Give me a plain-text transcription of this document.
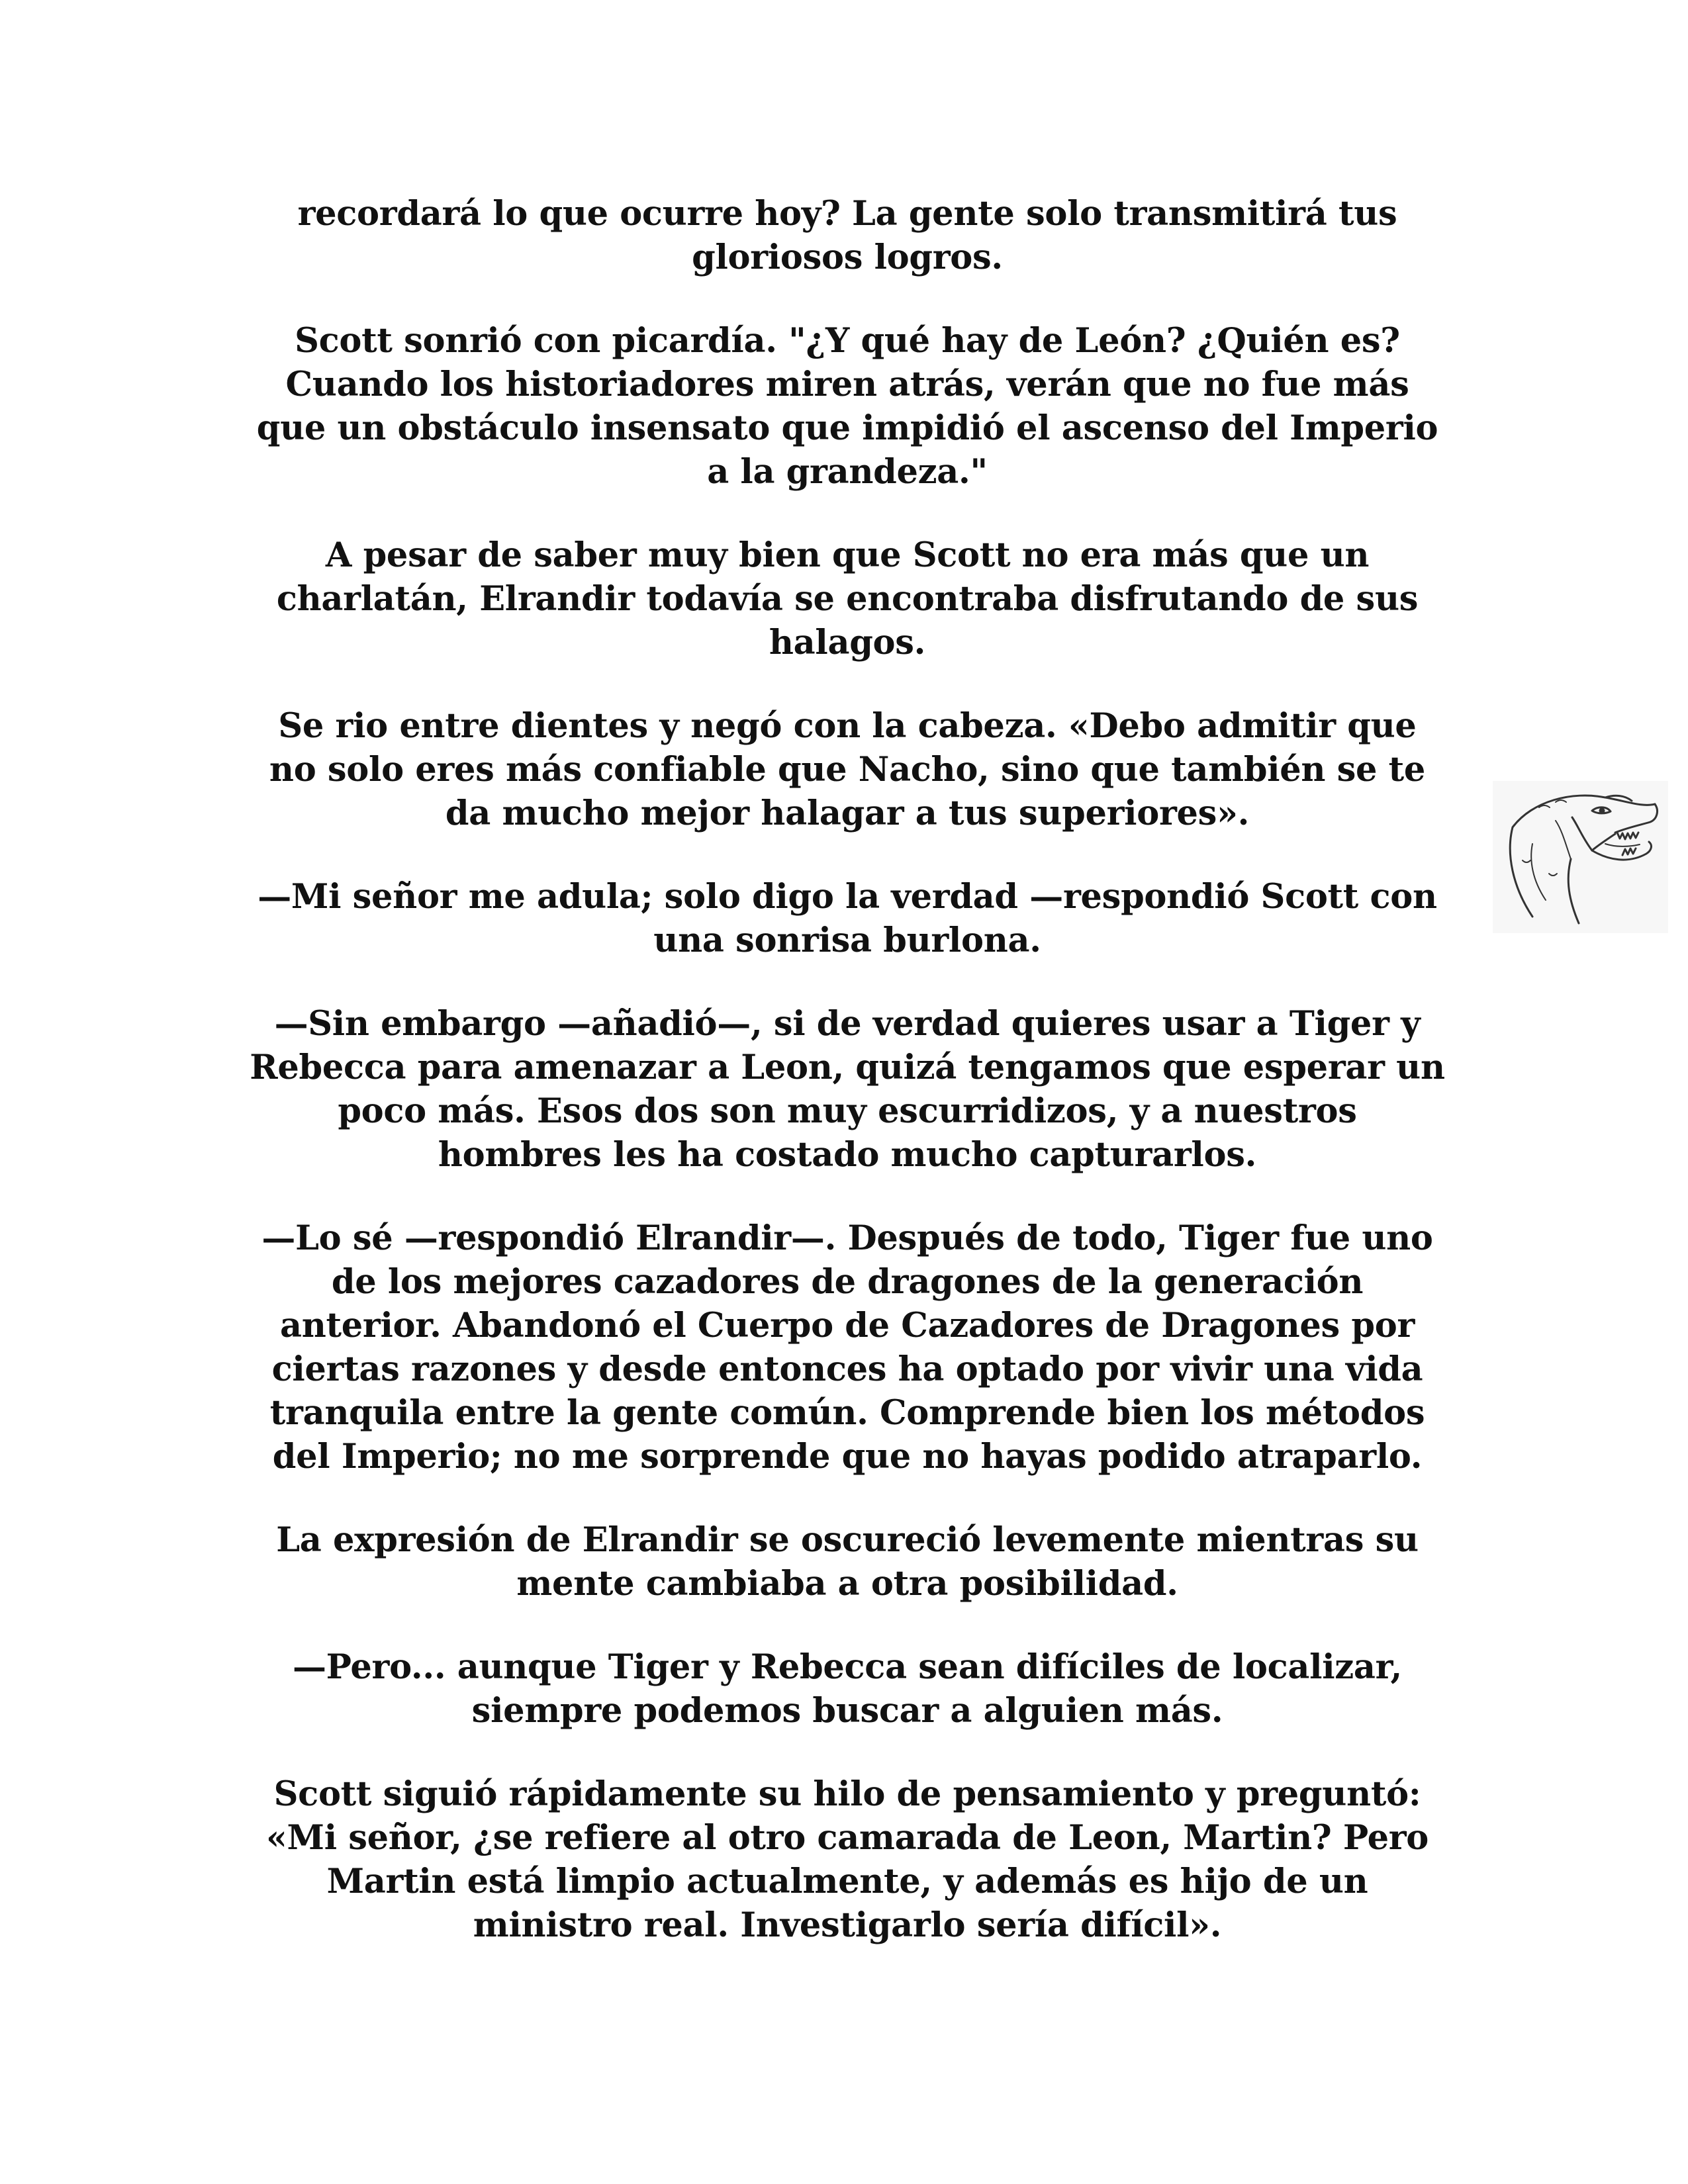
recordará lo que ocurre hoy? La gente solo transmitirá tus
gloriosos logros.

Scott sonrió con picardía. "¿Y qué hay de León? ¿Quién es?
Cuando los historiadores miren atrás, verán que no fue más
que un obstáculo insensato que impidió el ascenso del Imperio
a la grandeza."

A pesar de saber muy bien que Scott no era más que un
charlatán, Elrandir todavía se encontraba disfrutando de sus
halagos.

Se rio entre dientes y negó con la cabeza. «Debo admitir que
no solo eres más confiable que Nacho, sino que también se te
da mucho mejor halagar a tus superiores».

—Mi señor me adula; solo digo la verdad —respondió Scott con
una sonrisa burlona.

—Sin embargo —añadió—, si de verdad quieres usar a Tiger y
Rebecca para amenazar a Leon, quizá tengamos que esperar un
poco más. Esos dos son muy escurridizos, y a nuestros
hombres les ha costado mucho capturarlos.

—Lo sé —respondió Elrandir—. Después de todo, Tiger fue uno
de los mejores cazadores de dragones de la generación
anterior. Abandonó el Cuerpo de Cazadores de Dragones por
ciertas razones y desde entonces ha optado por vivir una vida
tranquila entre la gente común. Comprende bien los métodos
del Imperio; no me sorprende que no hayas podido atraparlo.

La expresión de Elrandir se oscureció levemente mientras su
mente cambiaba a otra posibilidad.

—Pero... aunque Tiger y Rebecca sean difíciles de localizar,
siempre podemos buscar a alguien más.

Scott siguió rápidamente su hilo de pensamiento y preguntó:
«Mi señor, ¿se refiere al otro camarada de Leon, Martin? Pero
Martin está limpio actualmente, y además es hijo de un
ministro real. Investigarlo sería difícil».
